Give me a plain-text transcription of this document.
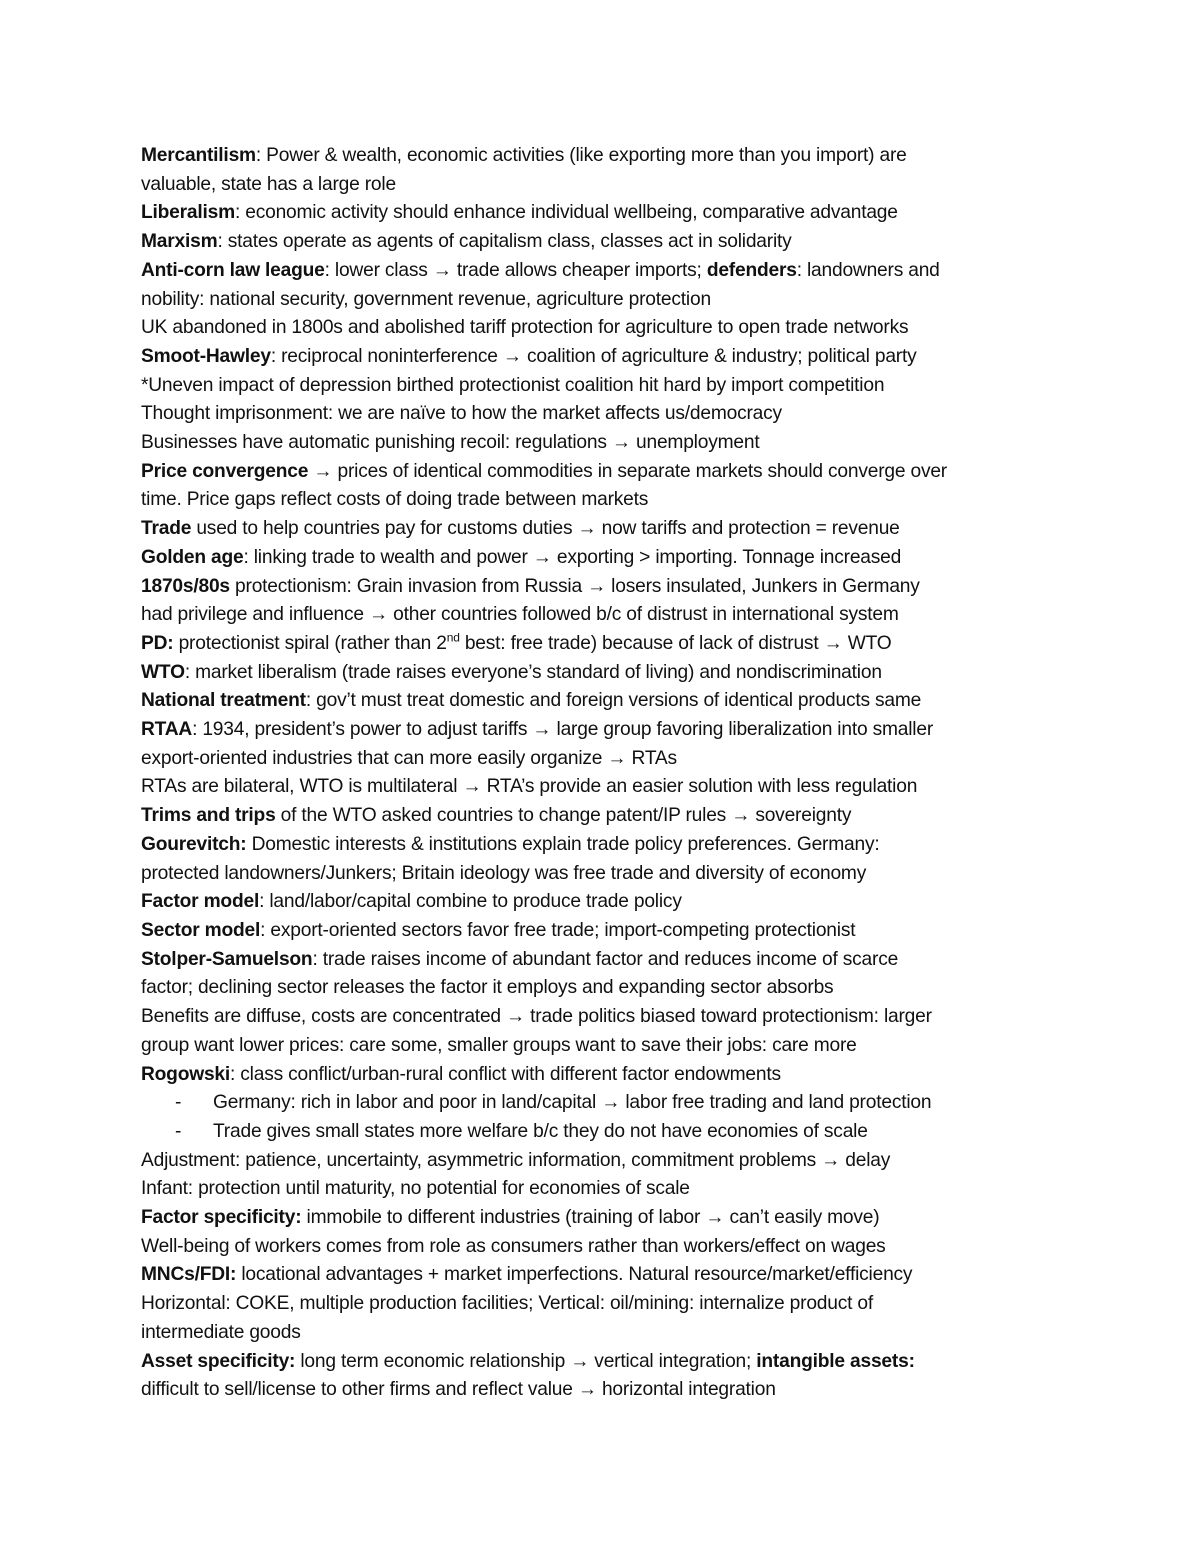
Mercantilism: Power & wealth, economic activities (like exporting more than you import) are
valuable, state has a large role
Liberalism: economic activity should enhance individual wellbeing, comparative advantage
Marxism: states operate as agents of capitalism class, classes act in solidarity
Anti-corn law league: lower class → trade allows cheaper imports; defenders: landowners and
nobility: national security, government revenue, agriculture protection
UK abandoned in 1800s and abolished tariff protection for agriculture to open trade networks
Smoot-Hawley: reciprocal noninterference → coalition of agriculture & industry; political party
*Uneven impact of depression birthed protectionist coalition hit hard by import competition
Thought imprisonment: we are naïve to how the market affects us/democracy
Businesses have automatic punishing recoil: regulations → unemployment
Price convergence → prices of identical commodities in separate markets should converge over
time. Price gaps reflect costs of doing trade between markets
Trade used to help countries pay for customs duties → now tariffs and protection = revenue
Golden age: linking trade to wealth and power → exporting > importing. Tonnage increased
1870s/80s protectionism: Grain invasion from Russia → losers insulated, Junkers in Germany
had privilege and influence → other countries followed b/c of distrust in international system
PD: protectionist spiral (rather than 2nd best: free trade) because of lack of distrust → WTO
WTO: market liberalism (trade raises everyone’s standard of living) and nondiscrimination
National treatment: gov’t must treat domestic and foreign versions of identical products same
RTAA: 1934, president’s power to adjust tariffs → large group favoring liberalization into smaller
export-oriented industries that can more easily organize → RTAs
RTAs are bilateral, WTO is multilateral → RTA’s provide an easier solution with less regulation
Trims and trips of the WTO asked countries to change patent/IP rules → sovereignty
Gourevitch: Domestic interests & institutions explain trade policy preferences. Germany:
protected landowners/Junkers; Britain ideology was free trade and diversity of economy
Factor model: land/labor/capital combine to produce trade policy
Sector model: export-oriented sectors favor free trade; import-competing protectionist
Stolper-Samuelson: trade raises income of abundant factor and reduces income of scarce
factor; declining sector releases the factor it employs and expanding sector absorbs
Benefits are diffuse, costs are concentrated → trade politics biased toward protectionism: larger
group want lower prices: care some, smaller groups want to save their jobs: care more
Rogowski: class conflict/urban-rural conflict with different factor endowments
- Germany: rich in labor and poor in land/capital → labor free trading and land protection
- Trade gives small states more welfare b/c they do not have economies of scale
Adjustment: patience, uncertainty, asymmetric information, commitment problems → delay
Infant: protection until maturity, no potential for economies of scale
Factor specificity: immobile to different industries (training of labor → can’t easily move)
Well-being of workers comes from role as consumers rather than workers/effect on wages
MNCs/FDI: locational advantages + market imperfections. Natural resource/market/efficiency
Horizontal: COKE, multiple production facilities; Vertical: oil/mining: internalize product of
intermediate goods
Asset specificity: long term economic relationship → vertical integration; intangible assets:
difficult to sell/license to other firms and reflect value → horizontal integration
